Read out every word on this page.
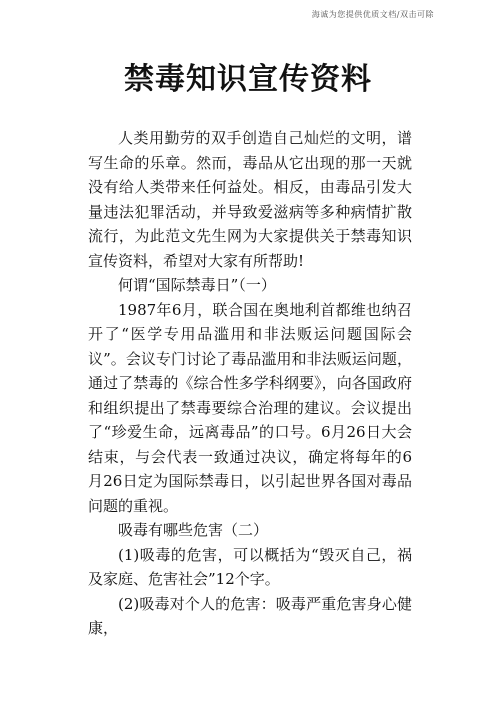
海诚为您提供优质文档/双击可除
禁毒知识宣传资料

人类用勤劳的双手创造自己灿烂的文明，谱写生命的乐章。然而，毒品从它出现的那一天就没有给人类带来任何益处。相反，由毒品引发大量违法犯罪活动，并导致爱滋病等多种病情扩散流行，为此范文先生网为大家提供关于禁毒知识宣传资料，希望对大家有所帮助!

何谓“国际禁毒日”（一）

1987年6月，联合国在奥地利首都维也纳召开了“医学专用品滥用和非法贩运问题国际会议”。会议专门讨论了毒品滥用和非法贩运问题，通过了禁毒的《综合性多学科纲要》，向各国政府和组织提出了禁毒要综合治理的建议。会议提出了“珍爱生命，远离毒品”的口号。6月26日大会结束，与会代表一致通过决议，确定将每年的6月26日定为国际禁毒日，以引起世界各国对毒品问题的重视。

吸毒有哪些危害（二）

(1)吸毒的危害，可以概括为“毁灭自己，祸及家庭、危害社会”12个字。

(2)吸毒对个人的危害：吸毒严重危害身心健康，
